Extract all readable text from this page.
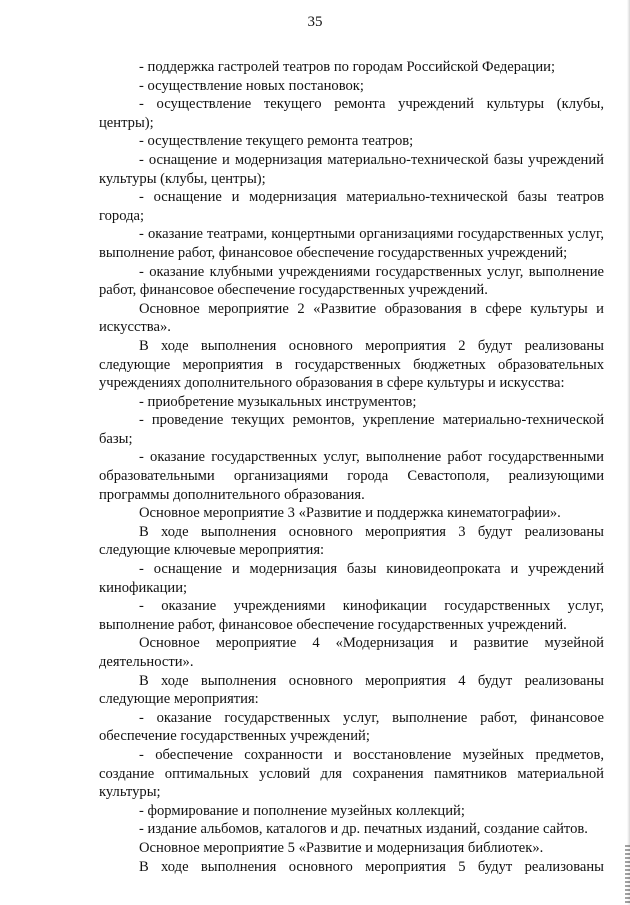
35

- поддержка гастролей театров по городам Российской Федерации;

- осуществление новых постановок;

- осуществление текущего ремонта учреждений культуры (клубы, центры);

- осуществление текущего ремонта театров;

- оснащение и модернизация материально-технической базы учреждений культуры (клубы, центры);

- оснащение и модернизация материально-технической базы театров города;

- оказание театрами, концертными организациями государственных услуг, выполнение работ, финансовое обеспечение государственных учреждений;

- оказание клубными учреждениями государственных услуг, выполнение работ, финансовое обеспечение государственных учреждений.

Основное мероприятие 2 «Развитие образования в сфере культуры и искусства».

В ходе выполнения основного мероприятия 2 будут реализованы следующие мероприятия в государственных бюджетных образовательных учреждениях дополнительного образования в сфере культуры и искусства:

- приобретение музыкальных инструментов;

- проведение текущих ремонтов, укрепление материально-технической базы;

- оказание государственных услуг, выполнение работ государственными образовательными организациями города Севастополя, реализующими программы дополнительного образования.

Основное мероприятие 3 «Развитие и поддержка кинематографии».

В ходе выполнения основного мероприятия 3 будут реализованы следующие ключевые мероприятия:

- оснащение и модернизация базы киновидеопроката и учреждений кинофикации;

- оказание учреждениями кинофикации государственных услуг, выполнение работ, финансовое обеспечение государственных учреждений.

Основное мероприятие 4 «Модернизация и развитие музейной деятельности».

В ходе выполнения основного мероприятия 4 будут реализованы следующие мероприятия:

- оказание государственных услуг, выполнение работ, финансовое обеспечение государственных учреждений;

- обеспечение сохранности и восстановление музейных предметов, создание оптимальных условий для сохранения памятников материальной культуры;

- формирование и пополнение музейных коллекций;

- издание альбомов, каталогов и др. печатных изданий, создание сайтов.

Основное мероприятие 5 «Развитие и модернизация библиотек».

В ходе выполнения основного мероприятия 5 будут реализованы
